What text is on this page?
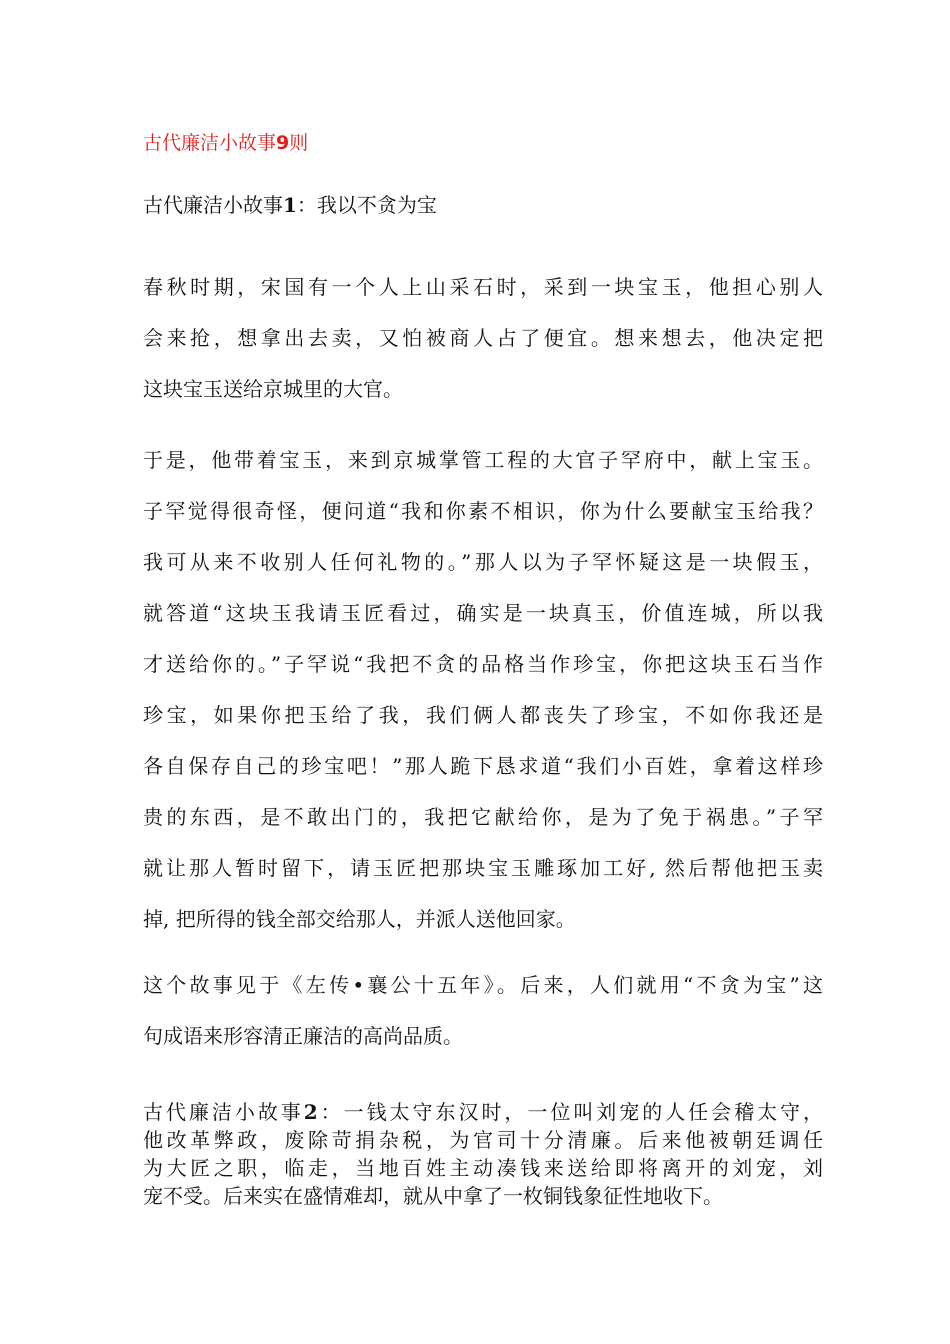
古代廉洁小故事9则
古代廉洁小故事1：我以不贪为宝
春秋时期，宋国有一个人上山采石时，采到一块宝玉，他担心别人
会来抢，想拿出去卖，又怕被商人占了便宜。想来想去，他决定把
这块宝玉送给京城里的大官。
于是，他带着宝玉，来到京城掌管工程的大官子罕府中，献上宝玉。
子罕觉得很奇怪，便问道“我和你素不相识，你为什么要献宝玉给我？
我可从来不收别人任何礼物的。”那人以为子罕怀疑这是一块假玉，
就答道“这块玉我请玉匠看过，确实是一块真玉，价值连城，所以我
才送给你的。”子罕说“我把不贪的品格当作珍宝，你把这块玉石当作
珍宝，如果你把玉给了我，我们俩人都丧失了珍宝，不如你我还是
各自保存自己的珍宝吧！”那人跪下恳求道“我们小百姓，拿着这样珍
贵的东西，是不敢出门的，我把它献给你，是为了免于祸患。”子罕
就让那人暂时留下，请玉匠把那块宝玉雕琢加工好, 然后帮他把玉卖
掉, 把所得的钱全部交给那人，并派人送他回家。
这个故事见于《左传•襄公十五年》。后来，人们就用“不贪为宝”这
句成语来形容清正廉洁的高尚品质。
古代廉洁小故事2：一钱太守东汉时，一位叫刘宠的人任会稽太守，
他改革弊政，废除苛捐杂税，为官司十分清廉。后来他被朝廷调任
为大匠之职，临走，当地百姓主动凑钱来送给即将离开的刘宠，刘
宠不受。后来实在盛情难却，就从中拿了一枚铜钱象征性地收下。
